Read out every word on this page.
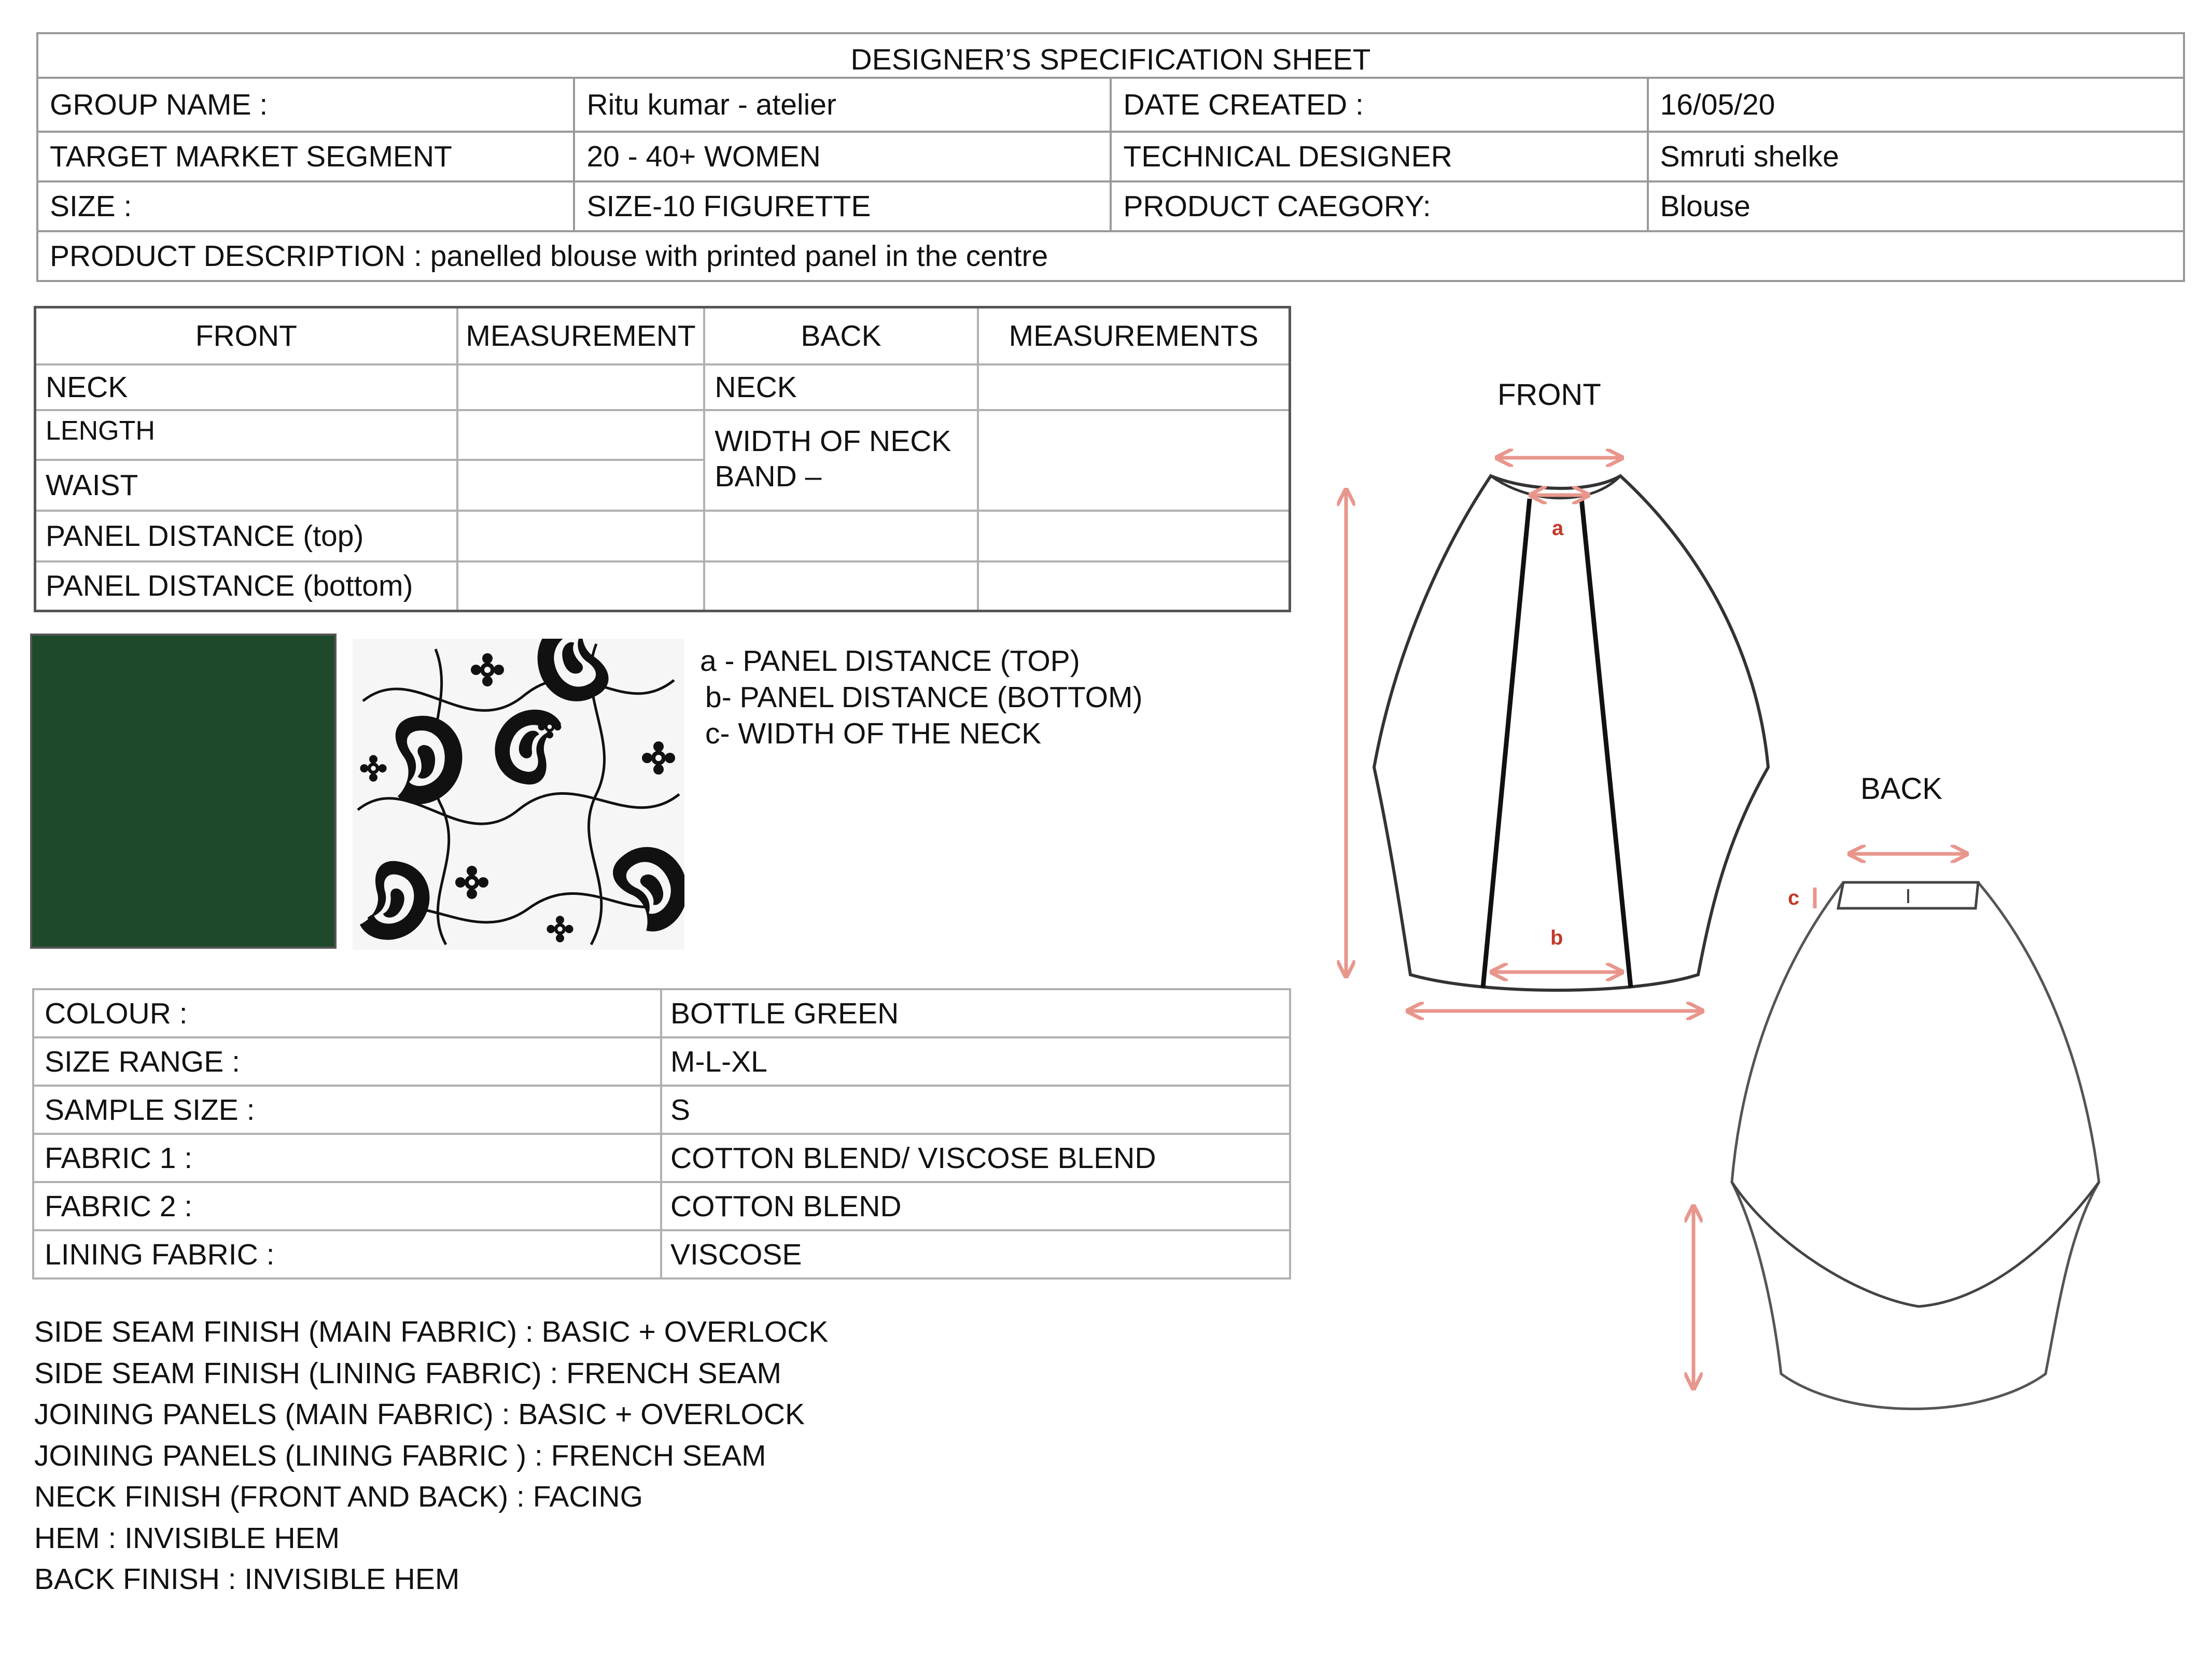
DESIGNER’S SPECIFICATION SHEET			
GROUP NAME :	Ritu kumar - atelier	DATE CREATED :	16/05/20
TARGET MARKET SEGMENT	20 - 40+ WOMEN	TECHNICAL DESIGNER	Smruti shelke
SIZE :	SIZE-10 FIGURETTE	PRODUCT CAEGORY:	Blouse
PRODUCT DESCRIPTION : panelled blouse with printed panel in the centre			
FRONT	MEASUREMENT	BACK	MEASUREMENTS
NECK		NECK	
LENGTH		WIDTH OF NECK BAND –	
WAIST			
PANEL DISTANCE (top)			
PANEL DISTANCE (bottom)			
a - PANEL DISTANCE (TOP)
b- PANEL DISTANCE (BOTTOM)
c- WIDTH OF THE NECK
COLOUR :	BOTTLE GREEN
SIZE RANGE :	M-L-XL
SAMPLE SIZE :	S
FABRIC 1 :	COTTON BLEND/ VISCOSE BLEND
FABRIC 2 :	COTTON BLEND
LINING FABRIC :	VISCOSE
SIDE SEAM FINISH (MAIN FABRIC) : BASIC + OVERLOCK
SIDE SEAM FINISH (LINING FABRIC) : FRENCH SEAM
JOINING PANELS (MAIN FABRIC) : BASIC + OVERLOCK
JOINING PANELS (LINING FABRIC ) : FRENCH SEAM
NECK FINISH (FRONT AND BACK) : FACING
HEM : INVISIBLE HEM
BACK FINISH : INVISIBLE HEM
FRONT
BACK
a
b
c
